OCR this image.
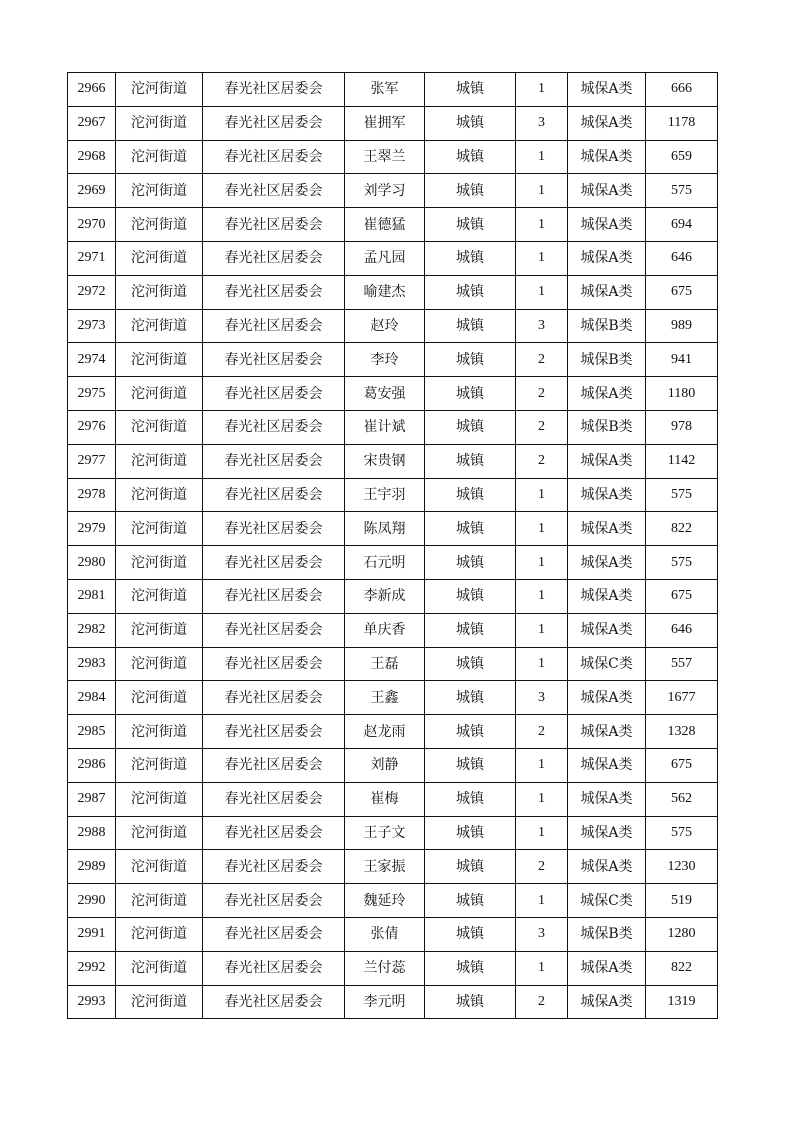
2966	沱河街道	春光社区居委会	张军	城镇	1	城保A类	666
2967	沱河街道	春光社区居委会	崔拥军	城镇	3	城保A类	1178
2968	沱河街道	春光社区居委会	王翠兰	城镇	1	城保A类	659
2969	沱河街道	春光社区居委会	刘学习	城镇	1	城保A类	575
2970	沱河街道	春光社区居委会	崔德猛	城镇	1	城保A类	694
2971	沱河街道	春光社区居委会	孟凡园	城镇	1	城保A类	646
2972	沱河街道	春光社区居委会	喻建杰	城镇	1	城保A类	675
2973	沱河街道	春光社区居委会	赵玲	城镇	3	城保B类	989
2974	沱河街道	春光社区居委会	李玲	城镇	2	城保B类	941
2975	沱河街道	春光社区居委会	葛安强	城镇	2	城保A类	1180
2976	沱河街道	春光社区居委会	崔计斌	城镇	2	城保B类	978
2977	沱河街道	春光社区居委会	宋贵钢	城镇	2	城保A类	1142
2978	沱河街道	春光社区居委会	王宇羽	城镇	1	城保A类	575
2979	沱河街道	春光社区居委会	陈凤翔	城镇	1	城保A类	822
2980	沱河街道	春光社区居委会	石元明	城镇	1	城保A类	575
2981	沱河街道	春光社区居委会	李新成	城镇	1	城保A类	675
2982	沱河街道	春光社区居委会	单庆香	城镇	1	城保A类	646
2983	沱河街道	春光社区居委会	王磊	城镇	1	城保C类	557
2984	沱河街道	春光社区居委会	王鑫	城镇	3	城保A类	1677
2985	沱河街道	春光社区居委会	赵龙雨	城镇	2	城保A类	1328
2986	沱河街道	春光社区居委会	刘静	城镇	1	城保A类	675
2987	沱河街道	春光社区居委会	崔梅	城镇	1	城保A类	562
2988	沱河街道	春光社区居委会	王子文	城镇	1	城保A类	575
2989	沱河街道	春光社区居委会	王家振	城镇	2	城保A类	1230
2990	沱河街道	春光社区居委会	魏延玲	城镇	1	城保C类	519
2991	沱河街道	春光社区居委会	张倩	城镇	3	城保B类	1280
2992	沱河街道	春光社区居委会	兰付蕊	城镇	1	城保A类	822
2993	沱河街道	春光社区居委会	李元明	城镇	2	城保A类	1319
